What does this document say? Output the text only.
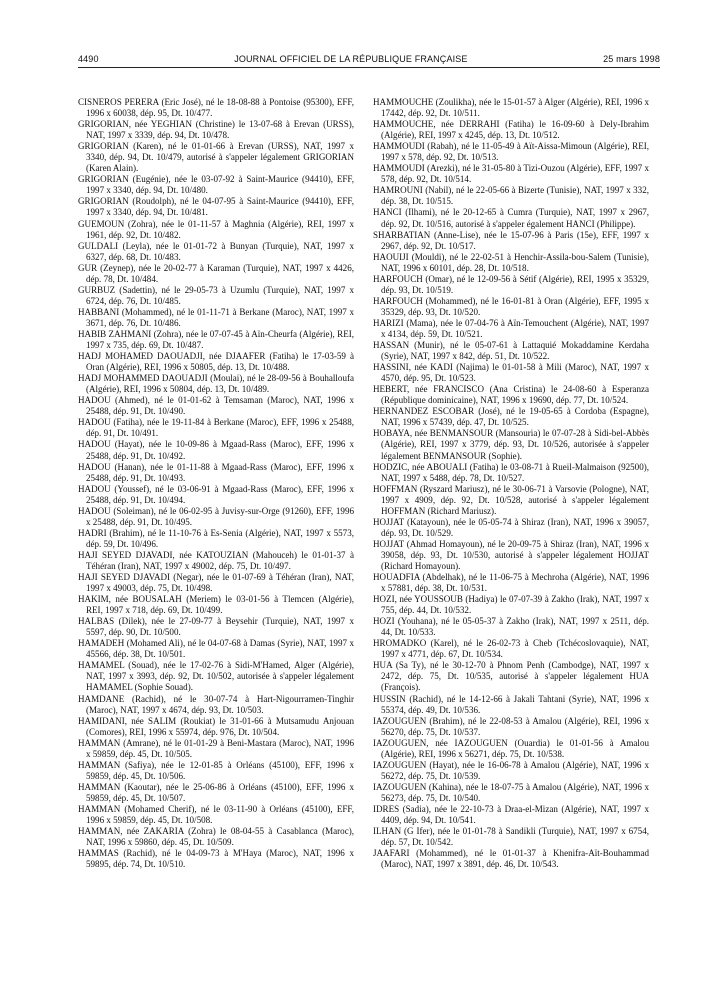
4490	JOURNAL OFFICIEL DE LA RÉPUBLIQUE FRANÇAISE	25 mars 1998

CISNEROS PERERA (Eric José), né le 18-08-88 à Pontoise (95300), EFF, 1996 x 60038, dép. 95, Dt. 10/477.

GRIGORIAN, née YEGHIAN (Christine) le 13-07-68 à Erevan (URSS), NAT, 1997 x 3339, dép. 94, Dt. 10/478.

GRIGORIAN (Karen), né le 01-01-66 à Erevan (URSS), NAT, 1997 x 3340, dép. 94, Dt. 10/479, autorisé à s'appeler légalement GRIGORIAN (Karen Alain).

GRIGORIAN (Eugénie), née le 03-07-92 à Saint-Maurice (94410), EFF, 1997 x 3340, dép. 94, Dt. 10/480.

GRIGORIAN (Roudolph), né le 04-07-95 à Saint-Maurice (94410), EFF, 1997 x 3340, dép. 94, Dt. 10/481.

GUEMOUN (Zohra), née le 01-11-57 à Maghnia (Algérie), REI, 1997 x 1961, dép. 92, Dt. 10/482.

GULDALI (Leyla), née le 01-01-72 à Bunyan (Turquie), NAT, 1997 x 6327, dép. 68, Dt. 10/483.

GUR (Zeynep), née le 20-02-77 à Karaman (Turquie), NAT, 1997 x 4426, dép. 78, Dt. 10/484.

GURBUZ (Sadettin), né le 29-05-73 à Uzumlu (Turquie), NAT, 1997 x 6724, dép. 76, Dt. 10/485.

HABBANI (Mohammed), né le 01-11-71 à Berkane (Maroc), NAT, 1997 x 3671, dép. 76, Dt. 10/486.

HABIB ZAHMANI (Zohra), née le 07-07-45 à Aïn-Cheurfa (Algérie), REI, 1997 x 735, dép. 69, Dt. 10/487.

HADJ MOHAMED DAOUADJI, née DJAAFER (Fatiha) le 17-03-59 à Oran (Algérie), REI, 1996 x 50805, dép. 13, Dt. 10/488.

HADJ MOHAMMED DAOUADJI (Moulai), né le 28-09-56 à Bouhalloufa (Algérie), REI, 1996 x 50804, dép. 13, Dt. 10/489.

HADOU (Ahmed), né le 01-01-62 à Temsaman (Maroc), NAT, 1996 x 25488, dép. 91, Dt. 10/490.

HADOU (Fatiha), née le 19-11-84 à Berkane (Maroc), EFF, 1996 x 25488, dép. 91, Dt. 10/491.

HADOU (Hayat), née le 10-09-86 à Mgaad-Rass (Maroc), EFF, 1996 x 25488, dép. 91, Dt. 10/492.

HADOU (Hanan), née le 01-11-88 à Mgaad-Rass (Maroc), EFF, 1996 x 25488, dép. 91, Dt. 10/493.

HADOU (Youssef), né le 03-06-91 à Mgaad-Rass (Maroc), EFF, 1996 x 25488, dép. 91, Dt. 10/494.

HADOU (Soleiman), né le 06-02-95 à Juvisy-sur-Orge (91260), EFF, 1996 x 25488, dép. 91, Dt. 10/495.

HADRI (Brahim), né le 11-10-76 à Es-Senia (Algérie), NAT, 1997 x 5573, dép. 59, Dt. 10/496.

HAJI SEYED DJAVADI, née KATOUZIAN (Mahouceh) le 01-01-37 à Téhéran (Iran), NAT, 1997 x 49002, dép. 75, Dt. 10/497.

HAJI SEYED DJAVADI (Negar), née le 01-07-69 à Téhéran (Iran), NAT, 1997 x 49003, dép. 75, Dt. 10/498.

HAKIM, née BOUSALAH (Meriem) le 03-01-56 à Tlemcen (Algérie), REI, 1997 x 718, dép. 69, Dt. 10/499.

HALBAS (Dilek), née le 27-09-77 à Beysehir (Turquie), NAT, 1997 x 5597, dép. 90, Dt. 10/500.

HAMADEH (Mohamed Ali), né le 04-07-68 à Damas (Syrie), NAT, 1997 x 45566, dép. 38, Dt. 10/501.

HAMAMEL (Souad), née le 17-02-76 à Sidi-M'Hamed, Alger (Algérie), NAT, 1997 x 3993, dép. 92, Dt. 10/502, autorisée à s'appeler légalement HAMAMEL (Sophie Souad).

HAMDANE (Rachid), né le 30-07-74 à Hart-Nigourramen-Tinghir (Maroc), NAT, 1997 x 4674, dép. 93, Dt. 10/503.

HAMIDANI, née SALIM (Roukiat) le 31-01-66 à Mutsamudu Anjouan (Comores), REI, 1996 x 55974, dép. 976, Dt. 10/504.

HAMMAN (Amrane), né le 01-01-29 à Beni-Mastara (Maroc), NAT, 1996 x 59859, dép. 45, Dt. 10/505.

HAMMAN (Safiya), née le 12-01-85 à Orléans (45100), EFF, 1996 x 59859, dép. 45, Dt. 10/506.

HAMMAN (Kaoutar), née le 25-06-86 à Orléans (45100), EFF, 1996 x 59859, dép. 45, Dt. 10/507.

HAMMAN (Mohamed Cherif), né le 03-11-90 à Orléans (45100), EFF, 1996 x 59859, dép. 45, Dt. 10/508.

HAMMAN, née ZAKARIA (Zohra) le 08-04-55 à Casablanca (Maroc), NAT, 1996 x 59860, dép. 45, Dt. 10/509.

HAMMAS (Rachid), né le 04-09-73 à M'Haya (Maroc), NAT, 1996 x 59895, dép. 74, Dt. 10/510.

HAMMOUCHE (Zoulikha), née le 15-01-57 à Alger (Algérie), REI, 1996 x 17442, dép. 92, Dt. 10/511.

HAMMOUCHE, née DERRAHI (Fatiha) le 16-09-60 à Dely-Ibrahim (Algérie), REI, 1997 x 4245, dép. 13, Dt. 10/512.

HAMMOUDI (Rabah), né le 11-05-49 à Aït-Aissa-Mimoun (Algérie), REI, 1997 x 578, dép. 92, Dt. 10/513.

HAMMOUDI (Arezki), né le 31-05-80 à Tizi-Ouzou (Algérie), EFF, 1997 x 578, dép. 92, Dt. 10/514.

HAMROUNI (Nabil), né le 22-05-66 à Bizerte (Tunisie), NAT, 1997 x 332, dép. 38, Dt. 10/515.

HANCI (Ilhami), né le 20-12-65 à Cumra (Turquie), NAT, 1997 x 2967, dép. 92, Dt. 10/516, autorisé à s'appeler également HANCI (Philippe).

SHARBATIAN (Anne-Lise), née le 15-07-96 à Paris (15e), EFF, 1997 x 2967, dép. 92, Dt. 10/517.

HAOUIJI (Mouldi), né le 22-02-51 à Henchir-Assila-bou-Salem (Tunisie), NAT, 1996 x 60101, dép. 28, Dt. 10/518.

HARFOUCH (Omar), né le 12-09-56 à Sétif (Algérie), REI, 1995 x 35329, dép. 93, Dt. 10/519.

HARFOUCH (Mohammed), né le 16-01-81 à Oran (Algérie), EFF, 1995 x 35329, dép. 93, Dt. 10/520.

HARIZI (Mama), née le 07-04-76 à Aïn-Temouchent (Algérie), NAT, 1997 x 4134, dép. 59, Dt. 10/521.

HASSAN (Munir), né le 05-07-61 à Lattaquié Mokaddamine Kerdaha (Syrie), NAT, 1997 x 842, dép. 51, Dt. 10/522.

HASSINI, née KADI (Najima) le 01-01-58 à Mili (Maroc), NAT, 1997 x 4570, dép. 95, Dt. 10/523.

HEBERT, née FRANCISCO (Ana Cristina) le 24-08-60 à Esperanza (République dominicaine), NAT, 1996 x 19690, dép. 77, Dt. 10/524.

HERNANDEZ ESCOBAR (José), né le 19-05-65 à Cordoba (Espagne), NAT, 1996 x 57439, dép. 47, Dt. 10/525.

HOBAYA, née BENMANSOUR (Mansouria) le 07-07-28 à Sidi-bel-Abbès (Algérie), REI, 1997 x 3779, dép. 93, Dt. 10/526, autorisée à s'appeler légalement BENMANSOUR (Sophie).

HODZIC, née ABOUALI (Fatiha) le 03-08-71 à Rueil-Malmaison (92500), NAT, 1997 x 5488, dép. 78, Dt. 10/527.

HOFFMAN (Ryszard Mariusz), né le 30-06-71 à Varsovie (Pologne), NAT, 1997 x 4909, dép. 92, Dt. 10/528, autorisé à s'appeler légalement HOFFMAN (Richard Mariusz).

HOJJAT (Katayoun), née le 05-05-74 à Shiraz (Iran), NAT, 1996 x 39057, dép. 93, Dt. 10/529.

HOJJAT (Ahmad Homayoun), né le 20-09-75 à Shiraz (Iran), NAT, 1996 x 39058, dép. 93, Dt. 10/530, autorisé à s'appeler légalement HOJJAT (Richard Homayoun).

HOUADFIA (Abdelhak), né le 11-06-75 à Mechroha (Algérie), NAT, 1996 x 57881, dép. 38, Dt. 10/531.

HOZI, née YOUSSOUB (Hadiya) le 07-07-39 à Zakho (Irak), NAT, 1997 x 755, dép. 44, Dt. 10/532.

HOZI (Youhana), né le 05-05-37 à Zakho (Irak), NAT, 1997 x 2511, dép. 44, Dt. 10/533.

HROMADKO (Karel), né le 26-02-73 à Cheb (Tchécoslovaquie), NAT, 1997 x 4771, dép. 67, Dt. 10/534.

HUA (Sa Ty), né le 30-12-70 à Phnom Penh (Cambodge), NAT, 1997 x 2472, dép. 75, Dt. 10/535, autorisé à s'appeler légalement HUA (François).

HUSSIN (Rachid), né le 14-12-66 à Jakali Tahtani (Syrie), NAT, 1996 x 55374, dép. 49, Dt. 10/536.

IAZOUGUEN (Brahim), né le 22-08-53 à Amalou (Algérie), REI, 1996 x 56270, dép. 75, Dt. 10/537.

IAZOUGUEN, née IAZOUGUEN (Ouardia) le 01-01-56 à Amalou (Algérie), REI, 1996 x 56271, dép. 75, Dt. 10/538.

IAZOUGUEN (Hayat), née le 16-06-78 à Amalou (Algérie), NAT, 1996 x 56272, dép. 75, Dt. 10/539.

IAZOUGUEN (Kahina), née le 18-07-75 à Amalou (Algérie), NAT, 1996 x 56273, dép. 75, Dt. 10/540.

IDRES (Sadia), née le 22-10-73 à Draa-el-Mizan (Algérie), NAT, 1997 x 4409, dép. 94, Dt. 10/541.

ILHAN (G Ifer), née le 01-01-78 à Sandikli (Turquie), NAT, 1997 x 6754, dép. 57, Dt. 10/542.

JAAFARI (Mohammed), né le 01-01-37 à Khenifra-Aït-Bouhammad (Maroc), NAT, 1997 x 3891, dép. 46, Dt. 10/543.
